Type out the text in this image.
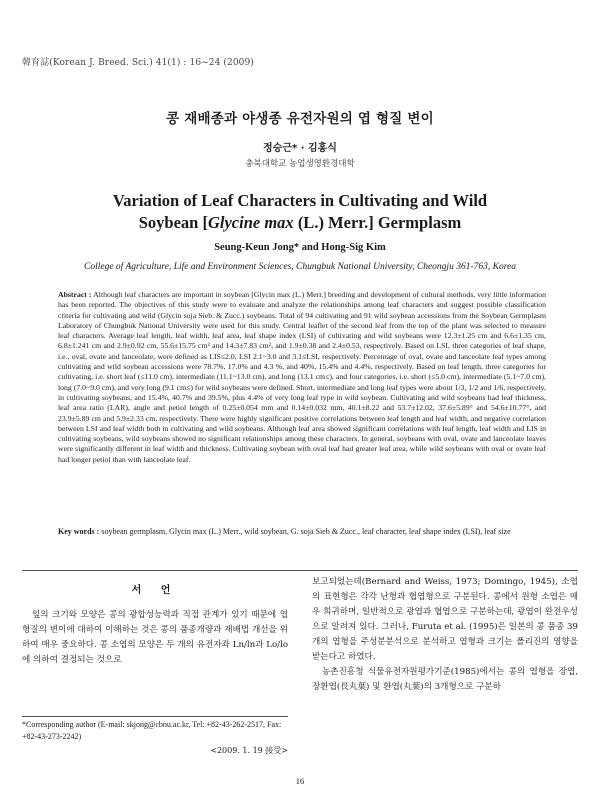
韓育誌(Korean J. Breed. Sci.) 41(1) : 16~24 (2009)
콩 재배종과 야생종 유전자원의 엽 형질 변이
정승근* · 김홍식
충북대학교 농업생명환경대학
Variation of Leaf Characters in Cultivating and Wild
Soybean [Glycine max (L.) Merr.] Germplasm
Seung-Keun Jong* and Hong-Sig Kim
College of Agriculture, Life and Environment Sciences, Chungbuk National University, Cheongju 361-763, Korea
Abstract : Although leaf characters are important in soybean [Glycin max (L.) Merr.] breeding and development of cultural methods, very little information has been reported. The objectives of this study were to evaluate and analyze the relationships among leaf characters and suggest possible classification criteria for cultivating and wild (Glycin soja Sieb. & Zucc.) soybeans. Total of 94 cultivating and 91 wild soybean accessions from the Soybean Germplasm Laboratory of Chungbuk National University were used for this study. Central leaflet of the second leaf from the top of the plant was selected to measure leaf characters. Average leaf length, leaf width, leaf area, leaf shape index (LSI) of cultivating and wild soybeans were 12.3±1.25 cm and 6.6±1.35 cm, 6.8±1.241 cm and 2.9±0.92 cm, 55.6±15.75 cm² and 14.3±7.83 cm², and 1.9±0.38 and 2.4±0.53, respectively. Based on LSI, three categories of leaf shape, i.e., oval, ovate and lanceolate, were defined as LIS≤2.0, LSI 2.1~3.0 and 3.1≤LSI, respectively. Percentage of oval, ovate and lanceolate leaf types among cultivating and wild soybean accessions were 78.7%, 17.0% and 4.3 %, and 40%, 15.4% and 4.4%, respectively. Based on leaf length, three categories for cultivating, i.e. short leaf (≤11.0 cm), intermediate (11.1~13.0 cm), and long (13.1 cm≤), and four categories, i.e. short (≤5.0 cm), intermediate (5.1~7.0 cm), long (7.0~9.0 cm), and very long (9.1 cm≤) for wild soybeans were defined. Short, intermediate and long leaf types were about 1/3, 1/2 and 1/6, respectively, in cultivating soybeans, and 15.4%, 40.7% and 39.5%, plus 4.4% of very long leaf type in wild soybean. Cultivating and wild soybeans had leaf thickness, leaf area ratio (LAR), angle and petiol length of 0.25±0.054 mm and 0.14±0.032 mm, 40.1±8.22 and 53.7±12.02, 37.6±5.89° and 54.6±10.77°, and 23.9±5.89 cm and 5.9±2.33 cm, respectively. There were highly significant positive correlations between leaf length and leaf width, and negative correlation between LSI and leaf width both in cultivating and wild soybeans. Although leaf area showed significant correlations with leaf length, leaf width and LIS in cultivating soybeans, wild soybeans showed no significant relationships among these characters. In general, soybeans with oval, ovate and lanceolate leaves were significantly different in leaf width and thickness. Cultivating soybean with oval leaf had greater leaf area, while wild soybeans with oval or ovate leaf had longer petiol than with lanceolate leaf.
Key words : soybean germplasm, Glycin max (L.) Merr., wild soybean, G. soja Sieb & Zucc., leaf character, leaf shape index (LSI), leaf size
서 언

잎의 크기와 모양은 콩의 광합성능력과 직접 관계가 있기 때문에 엽 형질의 변이에 대하여 이해하는 것은 콩의 품종개량과 재배법 개선을 위하여 매우 중요하다. 콩 소엽의 모양은 두 개의 유전자좌 Ln/ln과 Lo/lo에 의하여 결정되는 것으로

보고되었는데(Bernard and Weiss, 1973; Domingo, 1945), 소엽의 표현형은 각각 난형과 협엽형으로 구분된다. 콩에서 원형 소엽은 매우 희귀하며, 일반적으로 광엽과 협엽으로 구분하는데, 광엽이 완전우성으로 알려져 있다. 그러나, Furuta et al. (1995)은 일본의 콩 품종 39개의 엽형을 주성분분석으로 분석하고 엽형과 크기는 폴리진의 영향을 받는다고 하였다.

농촌진흥청 식물유전자원평가기준(1985)에서는 콩의 엽형을 장엽, 장환엽(長丸葉) 및 환엽(丸葉)의 3개형으로 구분하

*Corresponding author (E-mail: skjong@cbnu.ac.kr, Tel: +82-43-262-2517, Fax: +82-43-273-2242)
<2009. 1. 19 接受>
16
